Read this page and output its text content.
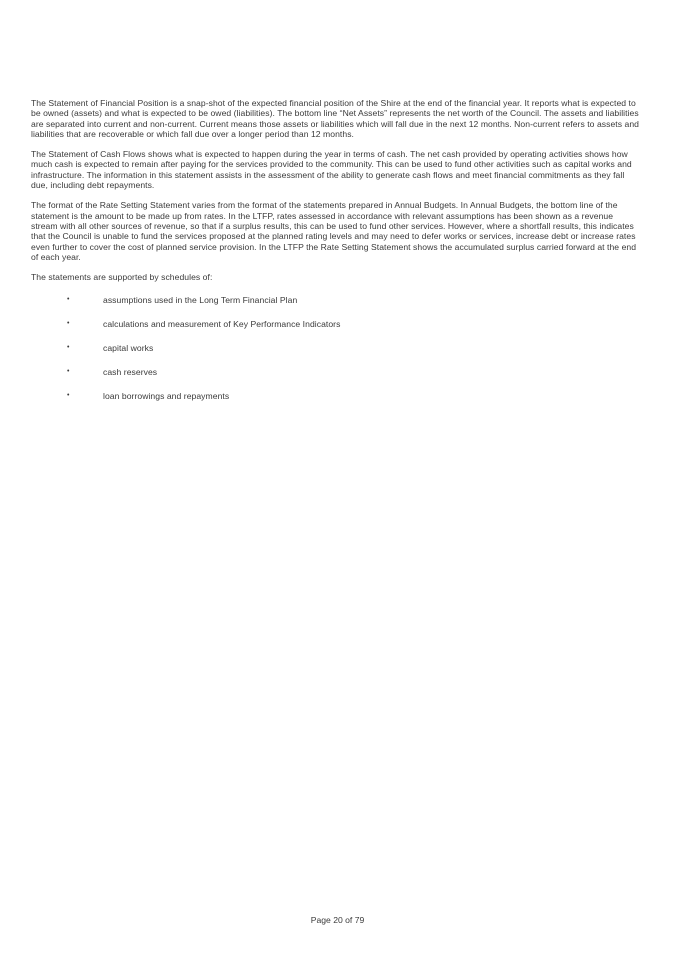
The Statement of Financial Position is a snap-shot of the expected financial position of the Shire at the end of the financial year. It reports what is expected to be owned (assets) and what is expected to be owed (liabilities). The bottom line “Net Assets” represents the net worth of the Council. The assets and liabilities are separated into current and non-current. Current means those assets or liabilities which will fall due in the next 12 months. Non-current refers to assets and liabilities that are recoverable or which fall due over a longer period than 12 months.

The Statement of Cash Flows shows what is expected to happen during the year in terms of cash. The net cash provided by operating activities shows how much cash is expected to remain after paying for the services provided to the community. This can be used to fund other activities such as capital works and infrastructure. The information in this statement assists in the assessment of the ability to generate cash flows and meet financial commitments as they fall due, including debt repayments.

The format of the Rate Setting Statement varies from the format of the statements prepared in Annual Budgets. In Annual Budgets, the bottom line of the statement is the amount to be made up from rates. In the LTFP, rates assessed in accordance with relevant assumptions has been shown as a revenue stream with all other sources of revenue, so that if a surplus results, this can be used to fund other services. However, where a shortfall results, this indicates that the Council is unable to fund the services proposed at the planned rating levels and may need to defer works or services, increase debt or increase rates even further to cover the cost of planned service provision. In the LTFP the Rate Setting Statement shows the accumulated surplus carried forward at the end of each year.

The statements are supported by schedules of:

•	assumptions used in the Long Term Financial Plan
•	calculations and measurement of Key Performance Indicators
•	capital works
•	cash reserves
•	loan borrowings and repayments
Page 20 of 79
